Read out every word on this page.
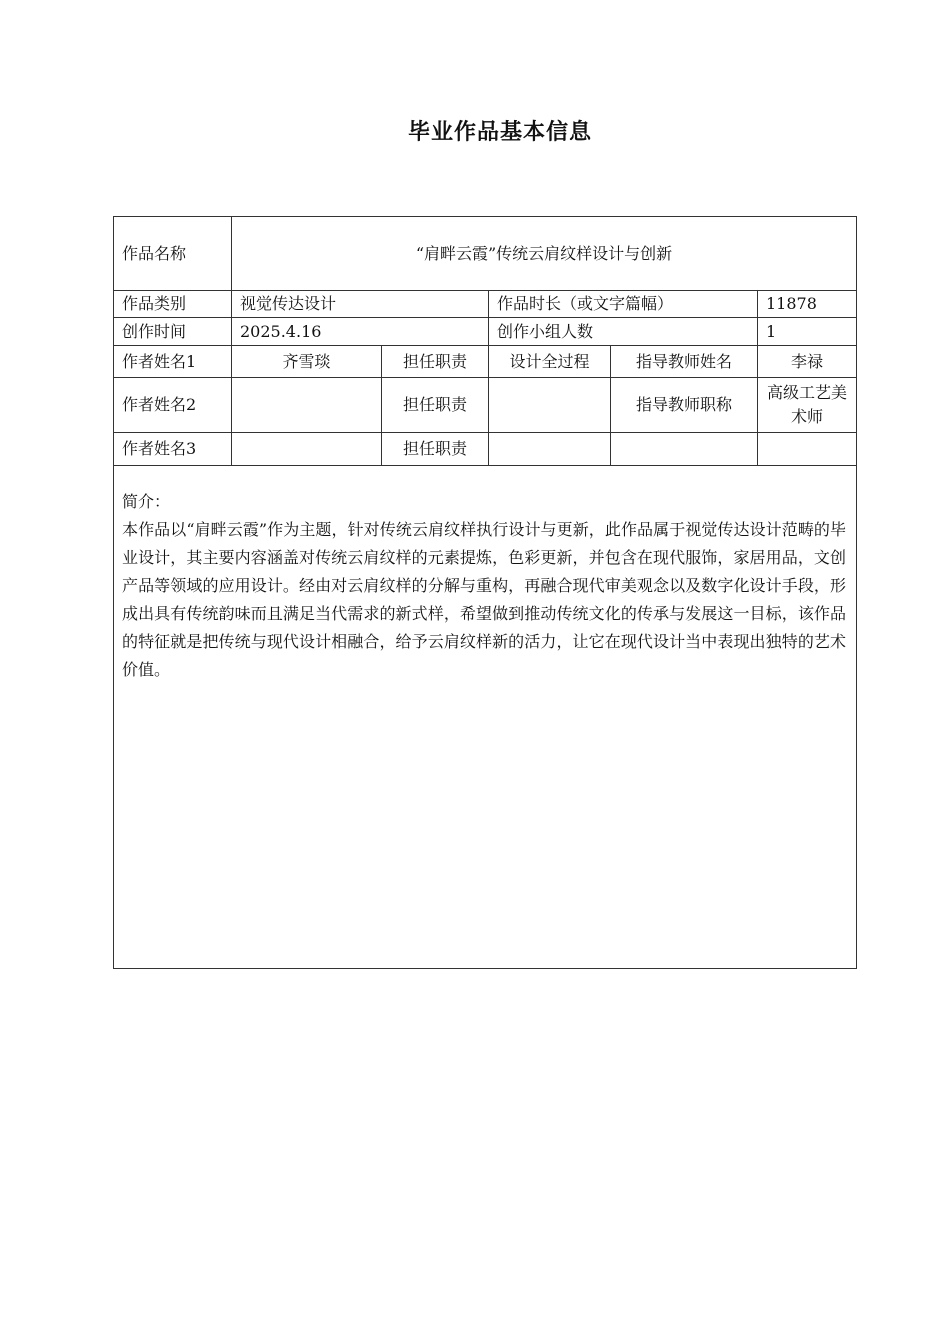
毕业作品基本信息
作品名称	“肩畔云霞”传统云肩纹样设计与创新				
作品类别	视觉传达设计		作品时长（或文字篇幅）		11878
创作时间	2025.4.16		创作小组人数		1
作者姓名1	齐雪琰	担任职责	设计全过程	指导教师姓名	李禄
作者姓名2		担任职责		指导教师职称	高级工艺美术师
作者姓名3		担任职责			

简介：
本作品以“肩畔云霞”作为主题，针对传统云肩纹样执行设计与更新，此作品属于视觉传达设计范畴的毕业设计，其主要内容涵盖对传统云肩纹样的元素提炼，色彩更新，并包含在现代服饰，家居用品，文创产品等领域的应用设计。经由对云肩纹样的分解与重构，再融合现代审美观念以及数字化设计手段，形成出具有传统韵味而且满足当代需求的新式样，希望做到推动传统文化的传承与发展这一目标，该作品的特征就是把传统与现代设计相融合，给予云肩纹样新的活力，让它在现代设计当中表现出独特的艺术价值。					
